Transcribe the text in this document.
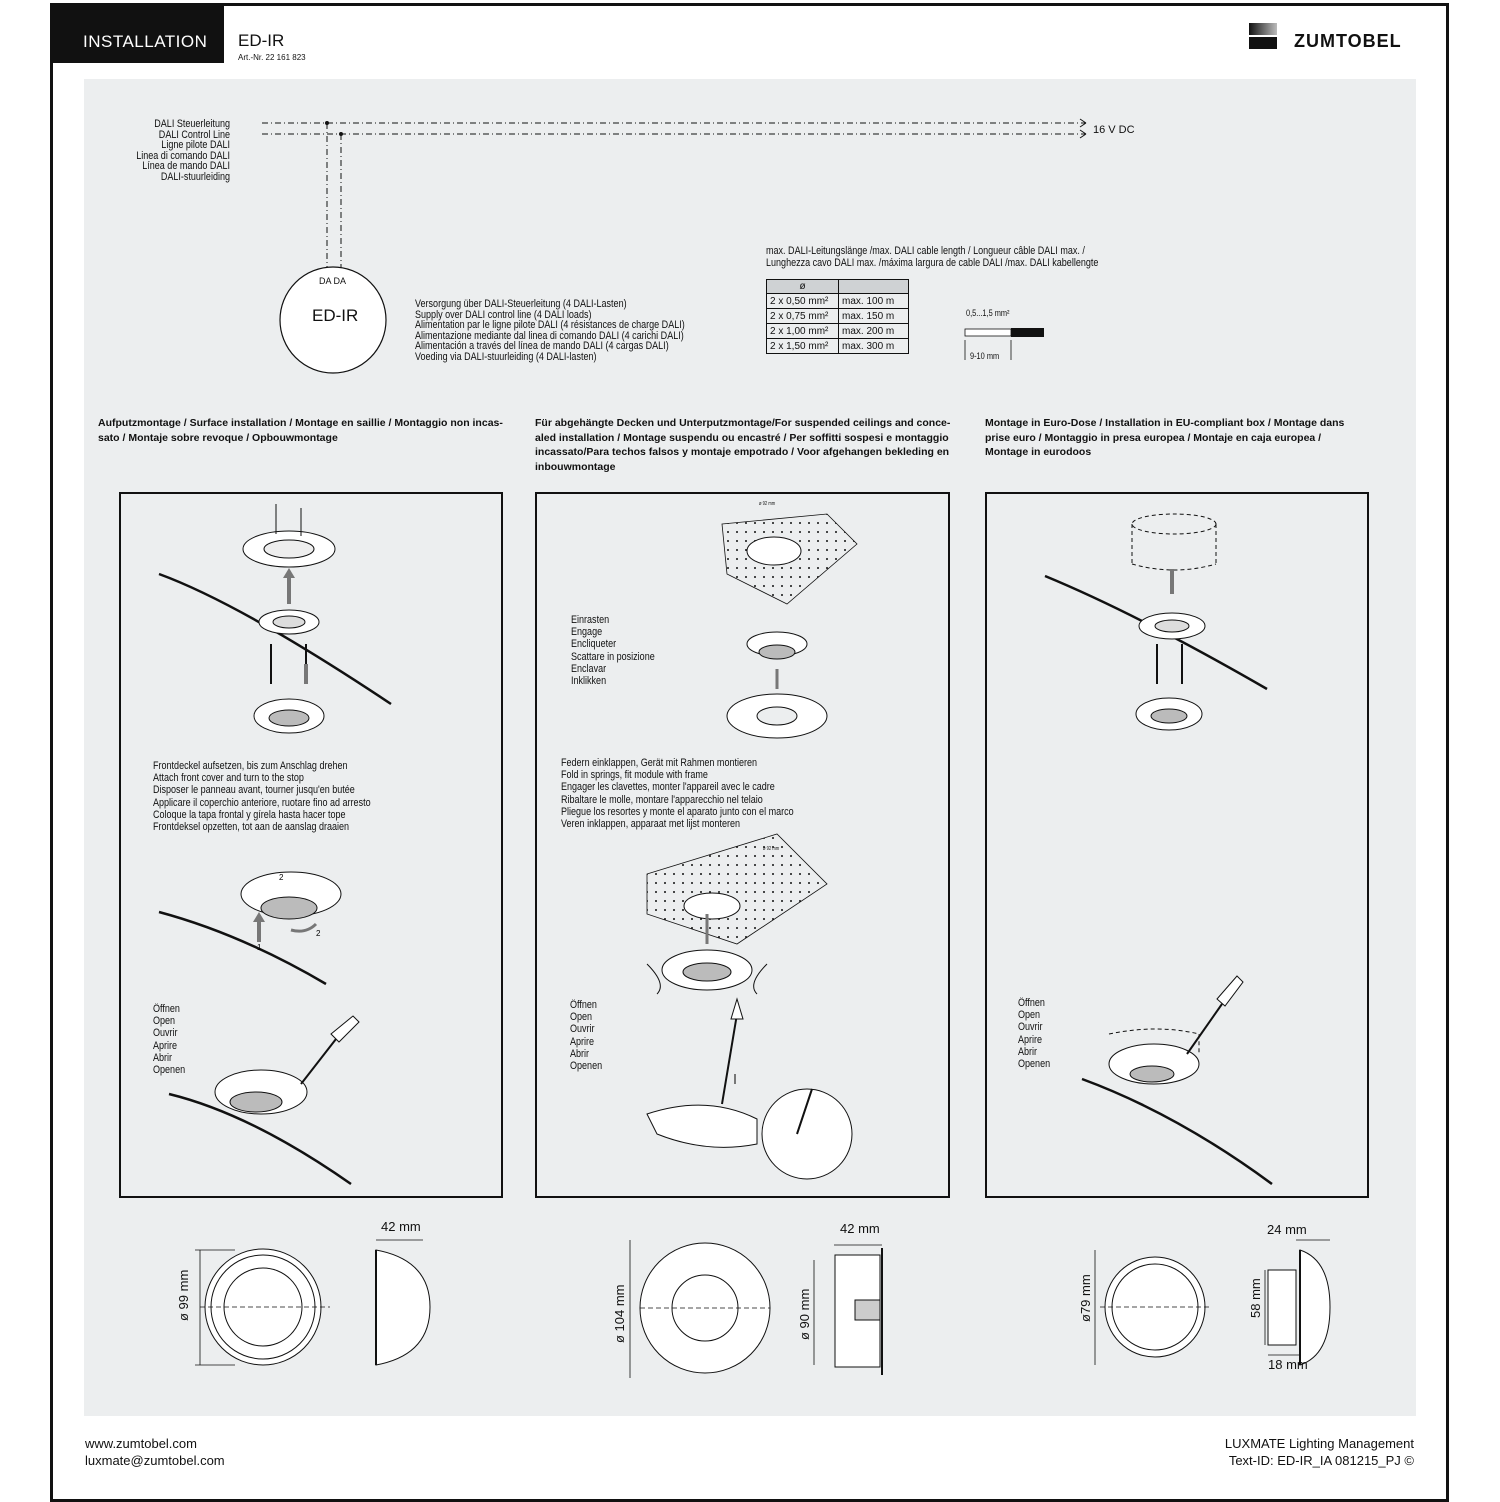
INSTALLATION ED-IR
Art.-Nr. 22 161 823
ZUMTOBEL
DALI Steuerleitung
DALI Control Line
Ligne pilote DALI
Linea di comando DALI
Línea de mando DALI
DALI-stuurleiding
16 V DC
DA DA
ED-IR
Versorgung über DALI-Steuerleitung (4 DALI-Lasten)
Supply over DALI control line (4 DALI loads)
Alimentation par le ligne pilote DALI (4 résistances de charge DALI)
Alimentazione mediante dal linea di comando DALI (4 carichi DALI)
Alimentación a través del línea de mando DALI (4 cargas DALI)
Voeding via DALI-stuurleiding (4 DALI-lasten)
max. DALI-Leitungslänge /max. DALI cable length / Longueur câble DALI max. /
Lunghezza cavo DALI max. /máxima largura de cable DALI /max. DALI kabellengte
ø	
2 x 0,50 mm²	max. 100 m
2 x 0,75 mm²	max. 150 m
2 x 1,00 mm²	max. 200 m
2 x 1,50 mm²	max. 300 m
0,5...1,5 mm²
9-10 mm
Aufputzmontage / Surface installation / Montage en saillie / Montaggio non incas-
sato / Montaje sobre revoque / Opbouwmontage
Für abgehängte Decken und Unterputzmontage/For suspended ceilings and conce-
aled installation / Montage suspendu ou encastré / Per soffitti sospesi e montaggio
incassato/Para techos falsos y montaje empotrado / Voor afgehangen bekleding en
inbouwmontage
Montage in Euro-Dose / Installation in EU-compliant box / Montage dans
prise euro / Montaggio in presa europea / Montaje en caja europea /
Montage in eurodoos
1
2
2
Frontdeckel aufsetzen, bis zum Anschlag drehen
Attach front cover and turn to the stop
Disposer le panneau avant, tourner jusqu'en butée
Applicare il coperchio anteriore, ruotare fino ad arresto
Coloque la tapa frontal y gírela hasta hacer tope
Frontdeksel opzetten, tot aan de aanslag draaien
Öffnen
Open
Ouvrir
Aprire
Abrir
Openen
ø 92 mm
ø 92 mm
Einrasten
Engage
Encliqueter
Scattare in posizione
Enclavar
Inklikken
Federn einklappen, Gerät mit Rahmen montieren
Fold in springs, fit module with frame
Engager les clavettes, monter l'appareil avec le cadre
Ribaltare le molle, montare l'apparecchio nel telaio
Pliegue los resortes y monte el aparato junto con el marco
Veren inklappen, apparaat met lijst monteren
Öffnen
Open
Ouvrir
Aprire
Abrir
Openen
Öffnen
Open
Ouvrir
Aprire
Abrir
Openen
42 mm
ø 99 mm
42 mm
ø 104 mm	ø 90 mm
24 mm
ø79 mm	58 mm
18 mm
www.zumtobel.com
luxmate@zumtobel.com
LUXMATE Lighting Management
Text-ID: ED-IR_IA 081215_PJ ©
